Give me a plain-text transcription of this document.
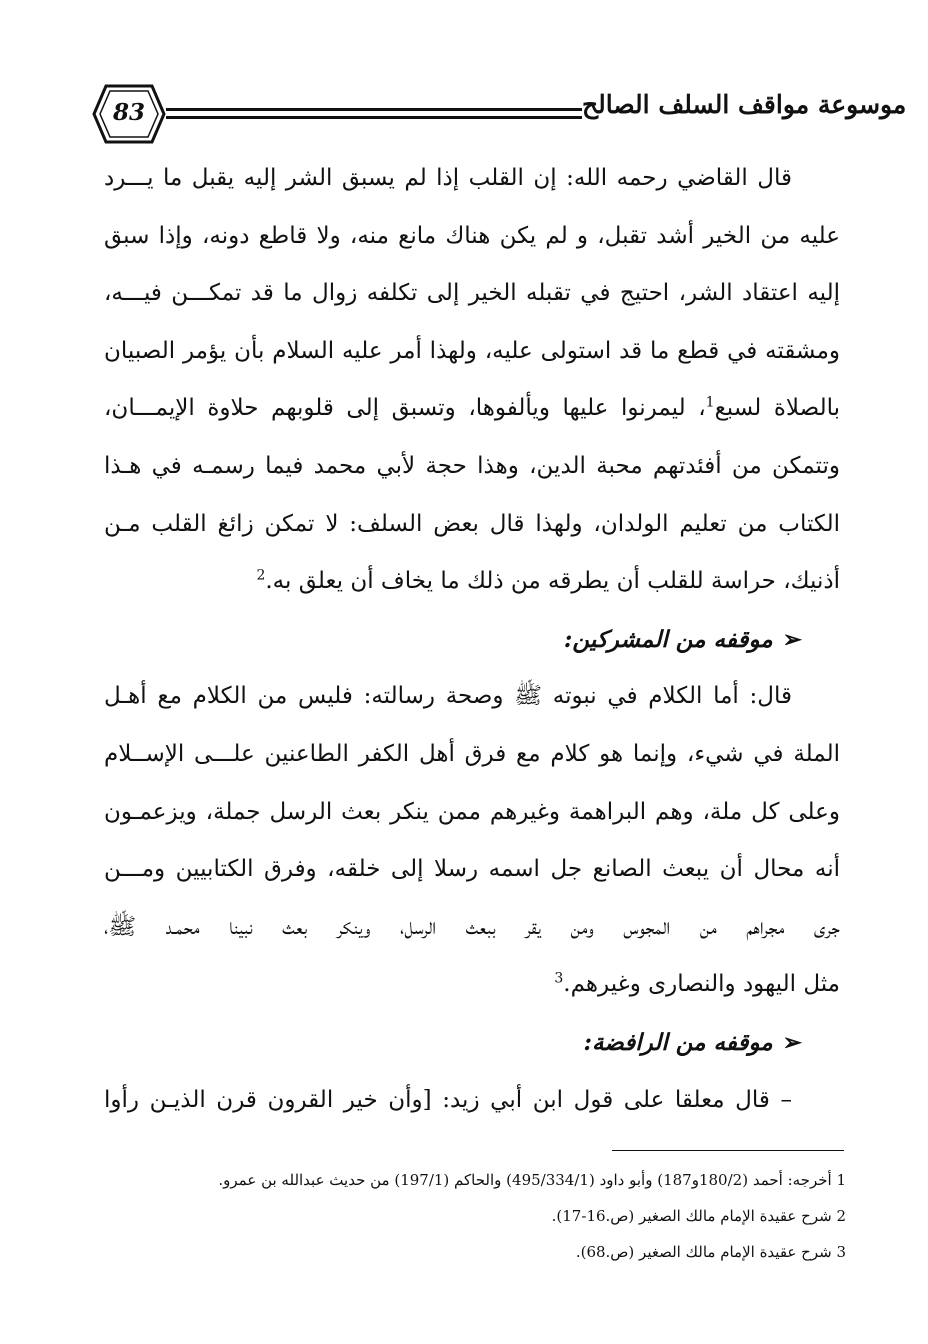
83	موسوعة مواقف السلف الصالح
قال القاضي رحمه الله: إن القلب إذا لم يسبق الشر إليه يقبل ما يـــرد
عليه من الخير أشد تقبل، و لم يكن هناك مانع منه، ولا قاطع دونه، وإذا سبق
إليه اعتقاد الشر، احتيج في تقبله الخير إلى تكلفه زوال ما قد تمكـــن فيـــه،
ومشقته في قطع ما قد استولى عليه، ولهذا أمر عليه السلام بأن يؤمر الصبيان
بالصلاة لسبع$^1$، ليمرنوا عليها ويألفوها، وتسبق إلى قلوبهم حلاوة الإيمـــان،
وتتمكن من أفئدتهم محبة الدين، وهذا حجة لأبي محمد فيما رسمـه في هـذا
الكتاب من تعليم الولدان، ولهذا قال بعض السلف: لا تمكن زائغ القلب مـن
أذنيك، حراسة للقلب أن يطرقه من ذلك ما يخاف أن يعلق به.$^2$
➢موقفه من المشركين:
قال: أما الكلام في نبوته ﷺ وصحة رسالته: فليس من الكلام مع أهـل
الملة في شيء، وإنما هو كلام مع فرق أهل الكفر الطاعنين علـــى الإســلام
وعلى كل ملة، وهم البراهمة وغيرهم ممن ينكر بعث الرسل جملة، ويزعمـون
أنه محال أن يبعث الصانع جل اسمه رسلا إلى خلقه، وفرق الكتابيين ومـــن
جرى مجراهم من المجوس ومن يقر ببعث الرسل، وينكر بعث نبينا محمـد ﷺ،
مثل اليهود والنصارى وغيرهم.$^3$
➢موقفه من الرافضة:
– قال معلقا على قول ابن أبي زيد: [وأن خير القرون قرن الذيـن رأوا
1 أخرجه: أحمد (180/2و187) وأبو داود (495/334/1) والحاكم (197/1) من حديث عبدالله بن عمرو.
2 شرح عقيدة الإمام مالك الصغير (ص.16-17).
3 شرح عقيدة الإمام مالك الصغير (ص.68).
